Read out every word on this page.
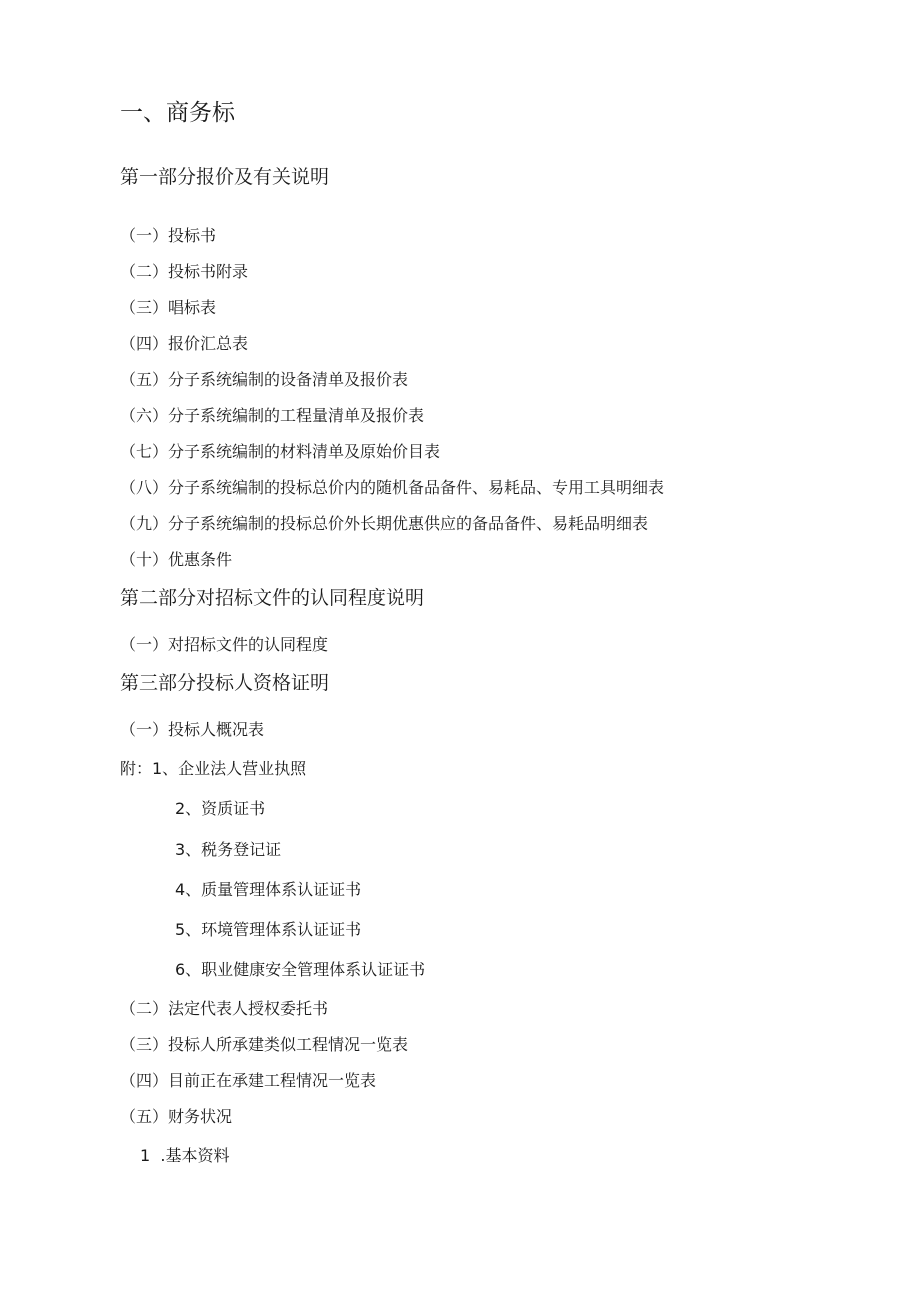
一、商务标
第一部分报价及有关说明
（一）投标书
（二）投标书附录
（三）唱标表
（四）报价汇总表
（五）分子系统编制的设备清单及报价表
（六）分子系统编制的工程量清单及报价表
（七）分子系统编制的材料清单及原始价目表
（八）分子系统编制的投标总价内的随机备品备件、易耗品、专用工具明细表
（九）分子系统编制的投标总价外长期优惠供应的备品备件、易耗品明细表
（十）优惠条件
第二部分对招标文件的认同程度说明
（一）对招标文件的认同程度
第三部分投标人资格证明
（一）投标人概况表
附：1、企业法人营业执照
2、资质证书
3、税务登记证
4、质量管理体系认证证书
5、环境管理体系认证证书
6、职业健康安全管理体系认证证书
（二）法定代表人授权委托书
（三）投标人所承建类似工程情况一览表
（四）目前正在承建工程情况一览表
（五）财务状况
1  .基本资料
